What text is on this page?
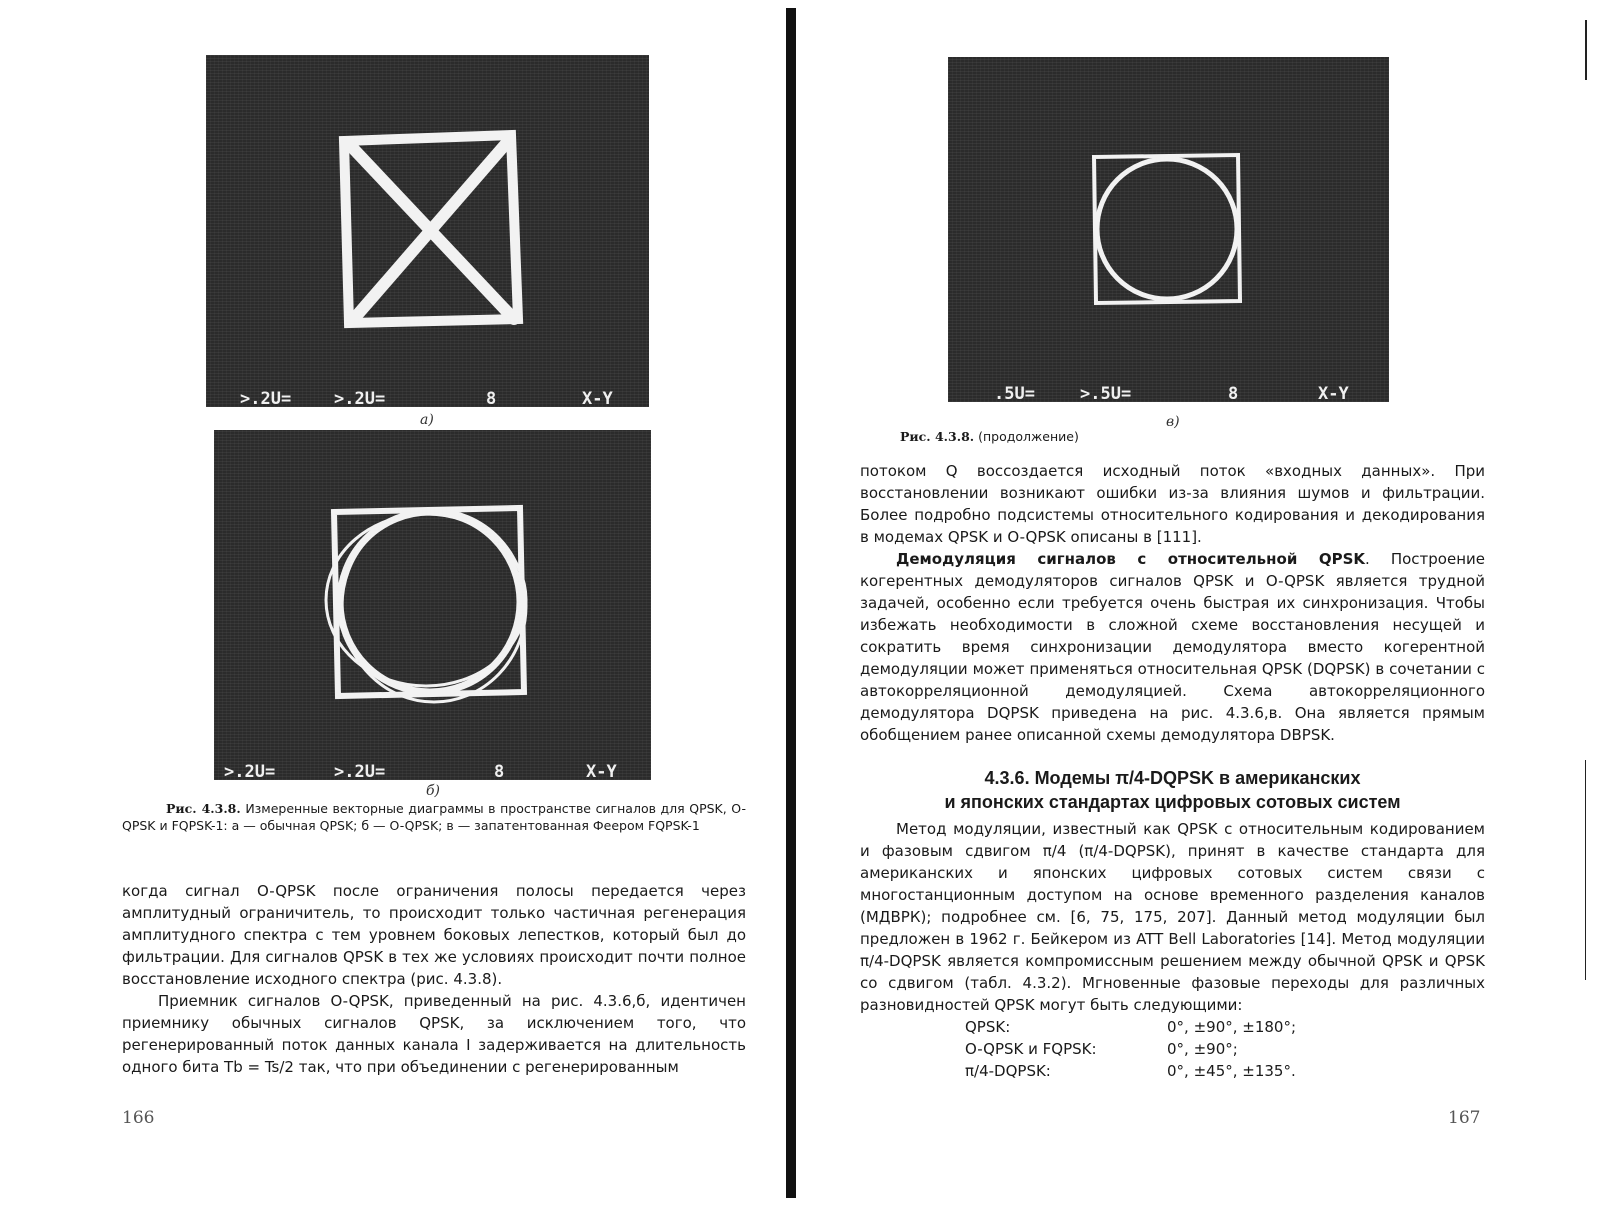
>.2U=	>.2U=	8	X-Y
a)
>.2U=	>.2U=	8	X-Y
б)
Рис. 4.3.8. Измеренные векторные диаграммы в пространстве сигналов для QPSK, O-QPSK и FQPSK-1: а — обычная QPSK; б — O-QPSK; в — запатентованная Феером FQPSK-1

когда сигнал O-QPSK после ограничения полосы передается через амплитудный ограничитель, то происходит только частичная регенерация амплитудного спектра с тем уровнем боковых лепестков, который был до фильтрации. Для сигналов QPSK в тех же условиях происходит почти полное восстановление исходного спектра (рис. 4.3.8).

Приемник сигналов O-QPSK, приведенный на рис. 4.3.6,б, идентичен приемнику обычных сигналов QPSK, за исключением того, что регенерированный поток данных канала I задерживается на длительность одного бита Tb = Ts/2 так, что при объединении с регенерированным

166
.5U=	>.5U=	8	X-Y
в)
Рис. 4.3.8. (продолжение)

потоком Q воссоздается исходный поток «входных данных». При восстановлении возникают ошибки из-за влияния шумов и фильтрации. Более подробно подсистемы относительного кодирования и декодирования в модемах QPSK и O-QPSK описаны в [111].

Демодуляция сигналов с относительной QPSK. Построение когерентных демодуляторов сигналов QPSK и O-QPSK является трудной задачей, особенно если требуется очень быстрая их синхронизация. Чтобы избежать необходимости в сложной схеме восстановления несущей и сократить время синхронизации демодулятора вместо когерентной демодуляции может применяться относительная QPSK (DQPSK) в сочетании с автокорреляционной демодуляцией. Схема автокорреляционного демодулятора DQPSK приведена на рис. 4.3.6,в. Она является прямым обобщением ранее описанной схемы демодулятора DBPSK.

4.3.6. Модемы π/4-DQPSK в американских
и японских стандартах цифровых сотовых систем

Метод модуляции, известный как QPSK с относительным кодированием и фазовым сдвигом π/4 (π/4-DQPSK), принят в качестве стандарта для американских и японских цифровых сотовых систем связи с многостанционным доступом на основе временного разделения каналов (МДВРК); подробнее см. [6, 75, 175, 207]. Данный метод модуляции был предложен в 1962 г. Бейкером из ATT Bell Laboratories [14]. Метод модуляции π/4-DQPSK является компромиссным решением между обычной QPSK и QPSK со сдвигом (табл. 4.3.2). Мгновенные фазовые переходы для различных разновидностей QPSK могут быть следующими:

QPSK:	0°, ±90°, ±180°;
O-QPSK и FQPSK:	0°, ±90°;
π/4-DQPSK:	0°, ±45°, ±135°.
167
